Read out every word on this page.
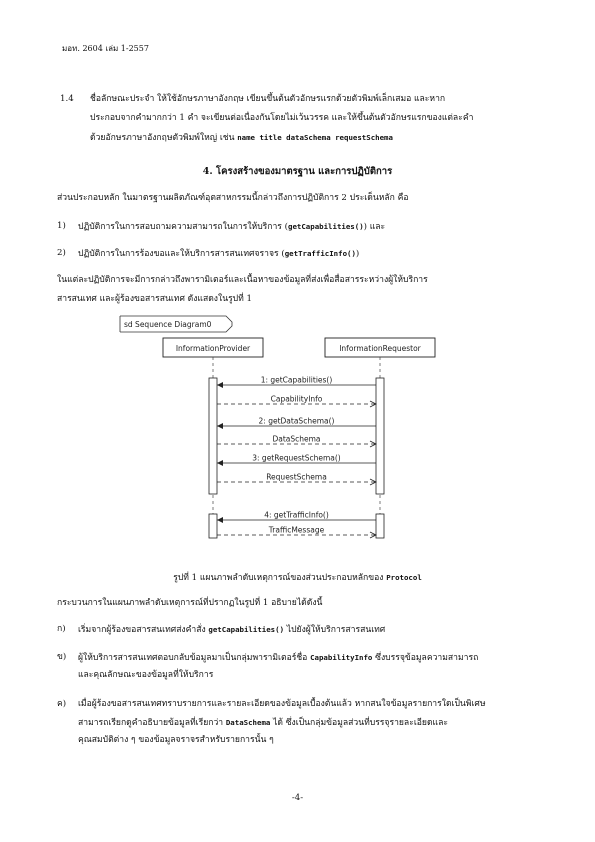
มอท. 2604 เล่ม 1-2557

1.4 ชื่อลักษณะประจำ ให้ใช้อักษรภาษาอังกฤษ เขียนขึ้นต้นตัวอักษรแรกด้วยตัวพิมพ์เล็กเสมอ และหาก

ประกอบจากคำมากกว่า 1 คำ จะเขียนต่อเนื่องกันโดยไม่เว้นวรรค และให้ขึ้นต้นตัวอักษรแรกของแต่ละคำ

ด้วยอักษรภาษาอังกฤษตัวพิมพ์ใหญ่ เช่น name title dataSchema requestSchema

4. โครงสร้างของมาตรฐาน และการปฏิบัติการ

ส่วนประกอบหลัก ในมาตรฐานผลิตภัณฑ์อุตสาหกรรมนี้กล่าวถึงการปฏิบัติการ 2 ประเด็นหลัก คือ

1) ปฏิบัติการในการสอบถามความสามารถในการให้บริการ (getCapabilities()) และ

2) ปฏิบัติการในการร้องขอและให้บริการสารสนเทศจราจร (getTrafficInfo())

ในแต่ละปฏิบัติการจะมีการกล่าวถึงพารามิเตอร์และเนื้อหาของข้อมูลที่ส่งเพื่อสื่อสารระหว่างผู้ให้บริการ

สารสนเทศ และผู้ร้องขอสารสนเทศ ดังแสดงในรูปที่ 1

sd Sequence Diagram0
InformationProvider	InformationRequestor
1: getCapabilities()
CapabilityInfo
2: getDataSchema()
DataSchema
3: getRequestSchema()
RequestSchema
4: getTrafficInfo()
TrafficMessage
รูปที่ 1 แผนภาพลำดับเหตุการณ์ของส่วนประกอบหลักของ Protocol

กระบวนการในแผนภาพลำดับเหตุการณ์ที่ปรากฏในรูปที่ 1 อธิบายได้ดังนี้

ก) เริ่มจากผู้ร้องขอสารสนเทศส่งคำสั่ง getCapabilities() ไปยังผู้ให้บริการสารสนเทศ

ข) ผู้ให้บริการสารสนเทศตอบกลับข้อมูลมาเป็นกลุ่มพารามิเตอร์ชื่อ CapabilityInfo ซึ่งบรรจุข้อมูลความสามารถ

และคุณลักษณะของข้อมูลที่ให้บริการ

ค) เมื่อผู้ร้องขอสารสนเทศทราบรายการและรายละเอียดของข้อมูลเบื้องต้นแล้ว หากสนใจข้อมูลรายการใดเป็นพิเศษ

สามารถเรียกดูคำอธิบายข้อมูลที่เรียกว่า DataSchema ได้ ซึ่งเป็นกลุ่มข้อมูลส่วนที่บรรจุรายละเอียดและ

คุณสมบัติต่าง ๆ ของข้อมูลจราจรสำหรับรายการนั้น ๆ

-4-
